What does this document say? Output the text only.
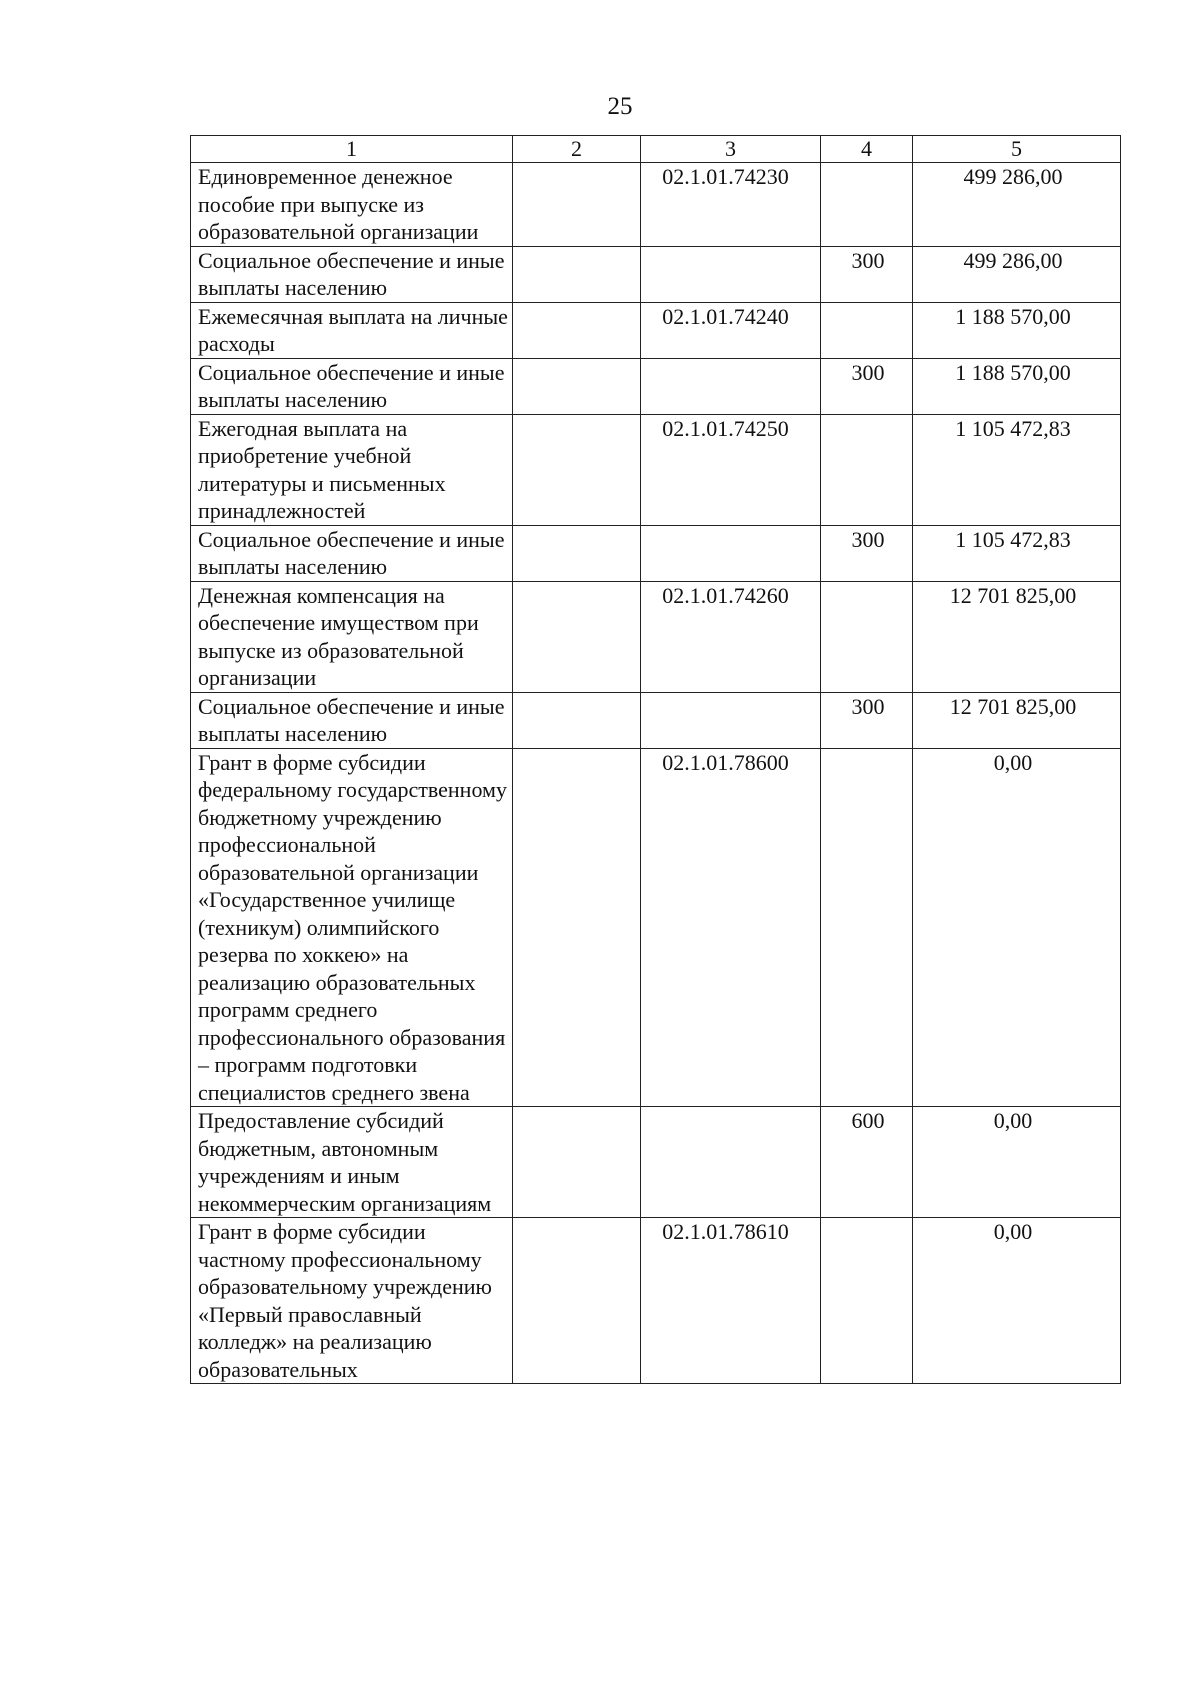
25
1	2	3	4	5
Единовременное денежное пособие при выпуске из образовательной организации		02.1.01.74230		499 286,00
Социальное обеспечение и иные выплаты населению			300	499 286,00
Ежемесячная выплата на личные расходы		02.1.01.74240		1 188 570,00
Социальное обеспечение и иные выплаты населению			300	1 188 570,00
Ежегодная выплата на приобретение учебной литературы и письменных принадлежностей		02.1.01.74250		1 105 472,83
Социальное обеспечение и иные выплаты населению			300	1 105 472,83
Денежная компенсация на обеспечение имуществом при выпуске из образовательной организации		02.1.01.74260		12 701 825,00
Социальное обеспечение и иные выплаты населению			300	12 701 825,00
Грант в форме субсидии федеральному государственному бюджетному учреждению профессиональной образовательной организации «Государственное училище (техникум) олимпийского резерва по хоккею» на реализацию образовательных программ среднего профессионального образования – программ подготовки специалистов среднего звена		02.1.01.78600		0,00
Предоставление субсидий бюджетным, автономным учреждениям и иным некоммерческим организациям			600	0,00
Грант в форме субсидии частному профессиональному образовательному учреждению «Первый православный колледж» на реализацию образовательных		02.1.01.78610		0,00
